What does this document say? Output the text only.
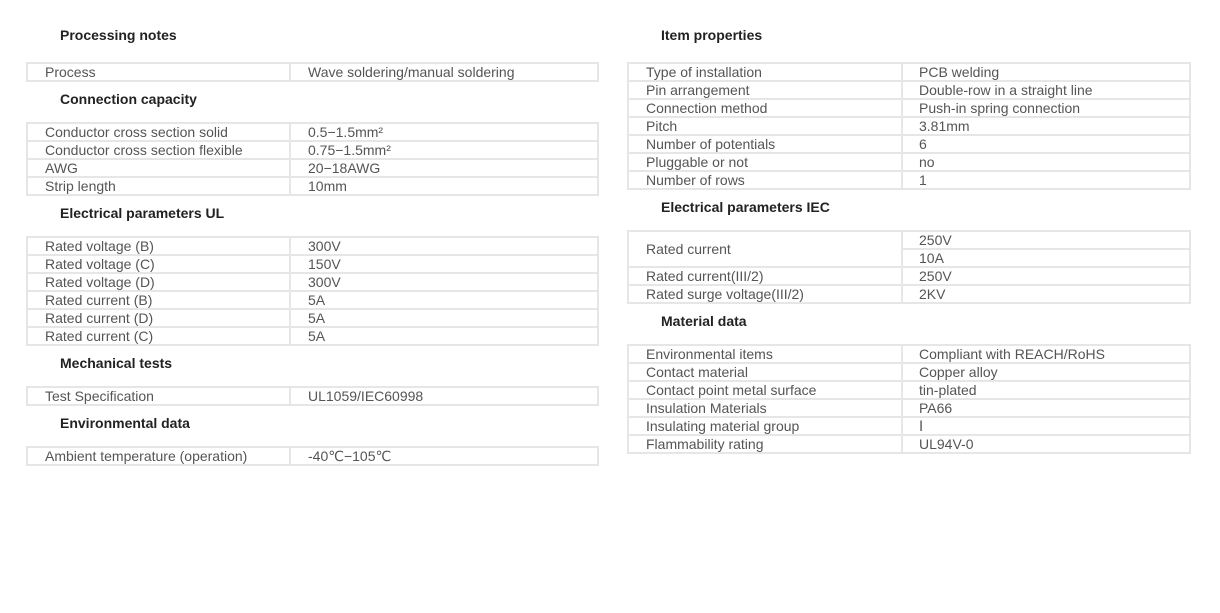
Processing notes
Process	Wave soldering/manual soldering
Connection capacity
Conductor cross section solid	0.5−1.5mm²
Conductor cross section flexible	0.75−1.5mm²
AWG	20−18AWG
Strip length	10mm
Electrical parameters UL
Rated voltage (B)	300V
Rated voltage (C)	150V
Rated voltage (D)	300V
Rated current (B)	5A
Rated current (D)	5A
Rated current (C)	5A
Mechanical tests
Test Specification	UL1059/IEC60998
Environmental data
Ambient temperature (operation)	-40℃−105℃
Item properties
Type of installation	PCB welding
Pin arrangement	Double-row in a straight line
Connection method	Push-in spring connection
Pitch	3.81mm
Number of potentials	6
Pluggable or not	no
Number of rows	1
Electrical parameters IEC
Rated current	250V
	10A
Rated current(III/2)	250V
Rated surge voltage(III/2)	2KV
Material data
Environmental items	Compliant with REACH/RoHS
Contact material	Copper alloy
Contact point metal surface	tin-plated
Insulation Materials	PA66
Insulating material group	Ⅰ
Flammability rating	UL94V-0
